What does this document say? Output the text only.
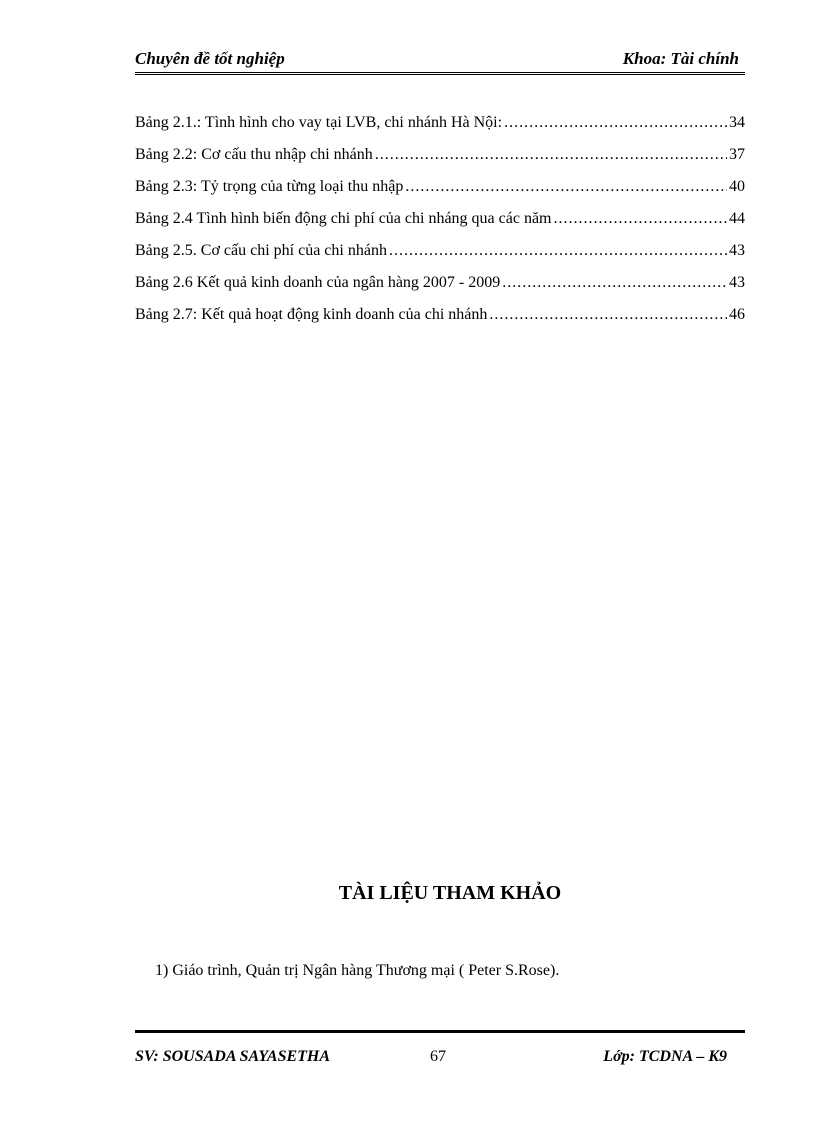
Chuyên đề tốt nghiệp	Khoa: Tài chính
Bảng 2.1.: Tình hình cho vay tại LVB, chi nhánh Hà Nội: .....	34
Bảng 2.2: Cơ cấu thu nhập chi nhánh .....	37
Bảng 2.3: Tỷ trọng của từng loại thu nhập .....	40
Bảng 2.4 Tình hình biến động chi phí của chi nháng qua các năm .....	44
Bảng 2.5. Cơ cấu chi phí của chi nhánh .....	43
Bảng 2.6 Kết quả kinh doanh của ngân hàng 2007 - 2009 .....	43
Bảng 2.7: Kết quả hoạt động kinh doanh của chi nhánh .....	46
TÀI LIỆU THAM KHẢO
1) Giáo trình, Quản trị Ngân hàng Thương mại ( Peter S.Rose).
SV: SOUSADA SAYASETHA	67	Lớp: TCDNA – K9
